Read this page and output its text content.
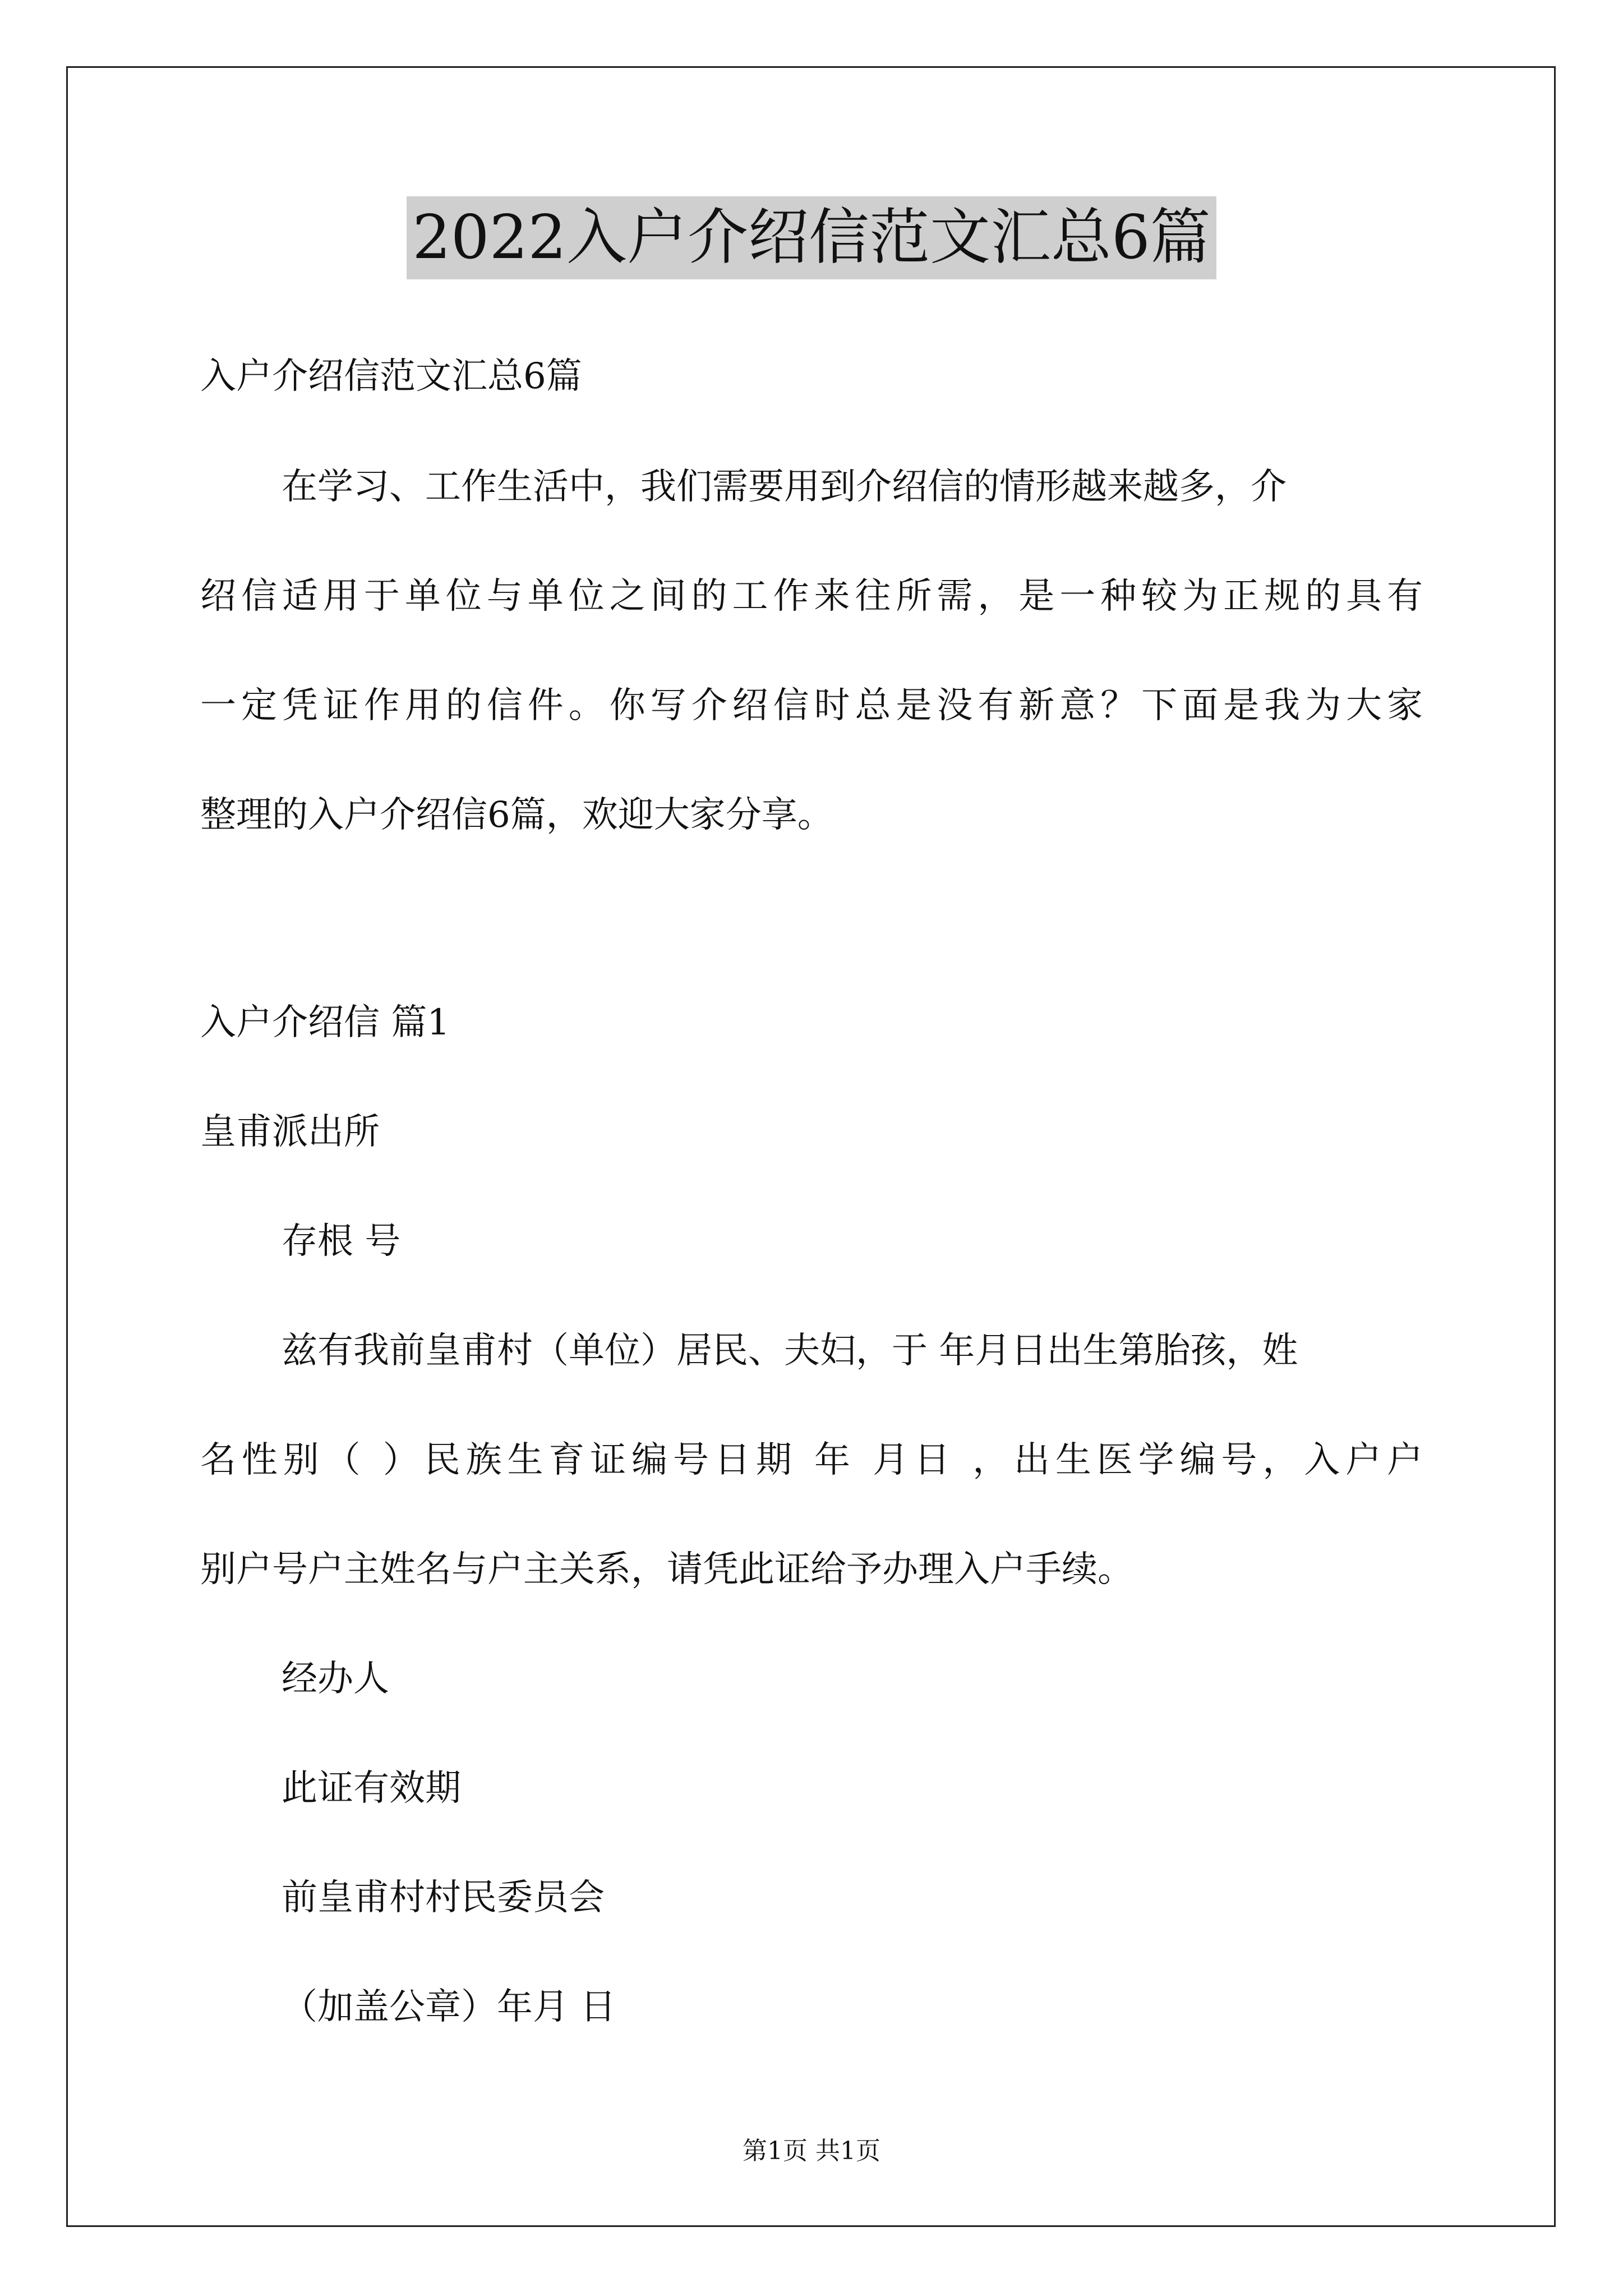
2022入户介绍信范文汇总6篇
入户介绍信范文汇总6篇
在学习、工作生活中，我们需要用到介绍信的情形越来越多，介
绍信适用于单位与单位之间的工作来往所需，是一种较为正规的具有
一定凭证作用的信件。你写介绍信时总是没有新意？下面是我为大家
整理的入户介绍信6篇，欢迎大家分享。
入户介绍信 篇1
皇甫派出所
存根 号
兹有我前皇甫村（单位）居民、夫妇，于 年月日出生第胎孩，姓
名性别（ ）民族生育证编号日期 年 月日 ，出生医学编号，入户户
别户号户主姓名与户主关系，请凭此证给予办理入户手续。
经办人
此证有效期
前皇甫村村民委员会
（加盖公章）年月 日
第1页 共1页
